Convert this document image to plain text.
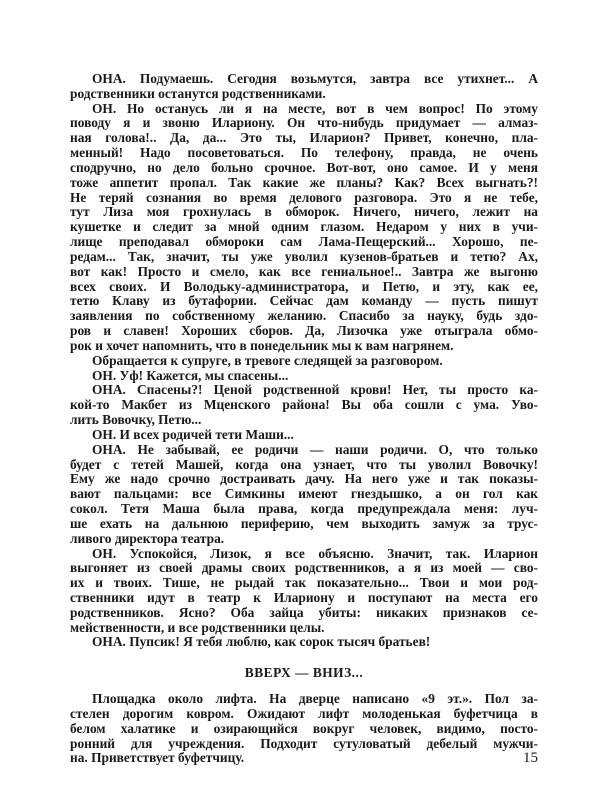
ОНА. Подумаешь. Сегодня возьмутся, завтра все утихнет... А
родственники останутся родственниками.
ОН. Но останусь ли я на месте, вот в чем вопрос! По этому
поводу я и звоню Илариону. Он что-нибудь придумает — алмаз-
ная голова!.. Да, да... Это ты, Иларион? Привет, конечно, пла-
менный! Надо посоветоваться. По телефону, правда, не очень
сподручно, но дело больно срочное. Вот-вот, оно самое. И у меня
тоже аппетит пропал. Так какие же планы? Как? Всех выгнать?!
Не теряй сознания во время делового разговора. Это я не тебе,
тут Лиза моя грохнулась в обморок. Ничего, ничего, лежит на
кушетке и следит за мной одним глазом. Недаром у них в учи-
лище преподавал обмороки сам Лама-Пещерский... Хорошо, пе-
редам... Так, значит, ты уже уволил кузенов-братьев и тетю? Ах,
вот как! Просто и смело, как все гениальное!.. Завтра же выгоню
всех своих. И Володьку-администратора, и Петю, и эту, как ее,
тетю Клаву из бутафории. Сейчас дам команду — пусть пишут
заявления по собственному желанию. Спасибо за науку, будь здо-
ров и славен! Хороших сборов. Да, Лизочка уже отыграла обмо-
рок и хочет напомнить, что в понедельник мы к вам нагрянем.
Обращается к супруге, в тревоге следящей за разговором.
ОН. Уф! Кажется, мы спасены...
ОНА. Спасены?! Ценой родственной крови! Нет, ты просто ка-
кой-то Макбет из Мценского района! Вы оба сошли с ума. Уво-
лить Вовочку, Петю...
ОН. И всех родичей тети Маши...
ОНА. Не забывай, ее родичи — наши родичи. О, что только
будет с тетей Машей, когда она узнает, что ты уволил Вовочку!
Ему же надо срочно достраивать дачу. На него уже и так показы-
вают пальцами: все Симкины имеют гнездышко, а он гол как
сокол. Тетя Маша была права, когда предупреждала меня: луч-
ше ехать на дальнюю периферию, чем выходить замуж за трус-
ливого директора театра.
ОН. Успокойся, Лизок, я все объясню. Значит, так. Иларион
выгоняет из своей драмы своих родственников, а я из моей — сво-
их и твоих. Тише, не рыдай так показательно... Твои и мои род-
ственники идут в театр к Илариону и поступают на места его
родственников. Ясно? Оба зайца убиты: никаких признаков се-
мейственности, и все родственники целы.
ОНА. Пупсик! Я тебя люблю, как сорок тысяч братьев!
ВВЕРХ — ВНИЗ...
Площадка около лифта. На дверце написано «9 эт.». Пол за-
стелен дорогим ковром. Ожидают лифт молоденькая буфетчица в
белом халатике и озирающийся вокруг человек, видимо, посто-
ронний для учреждения. Подходит сутуловатый дебелый мужчи-
на. Приветствует буфетчицу.	15
